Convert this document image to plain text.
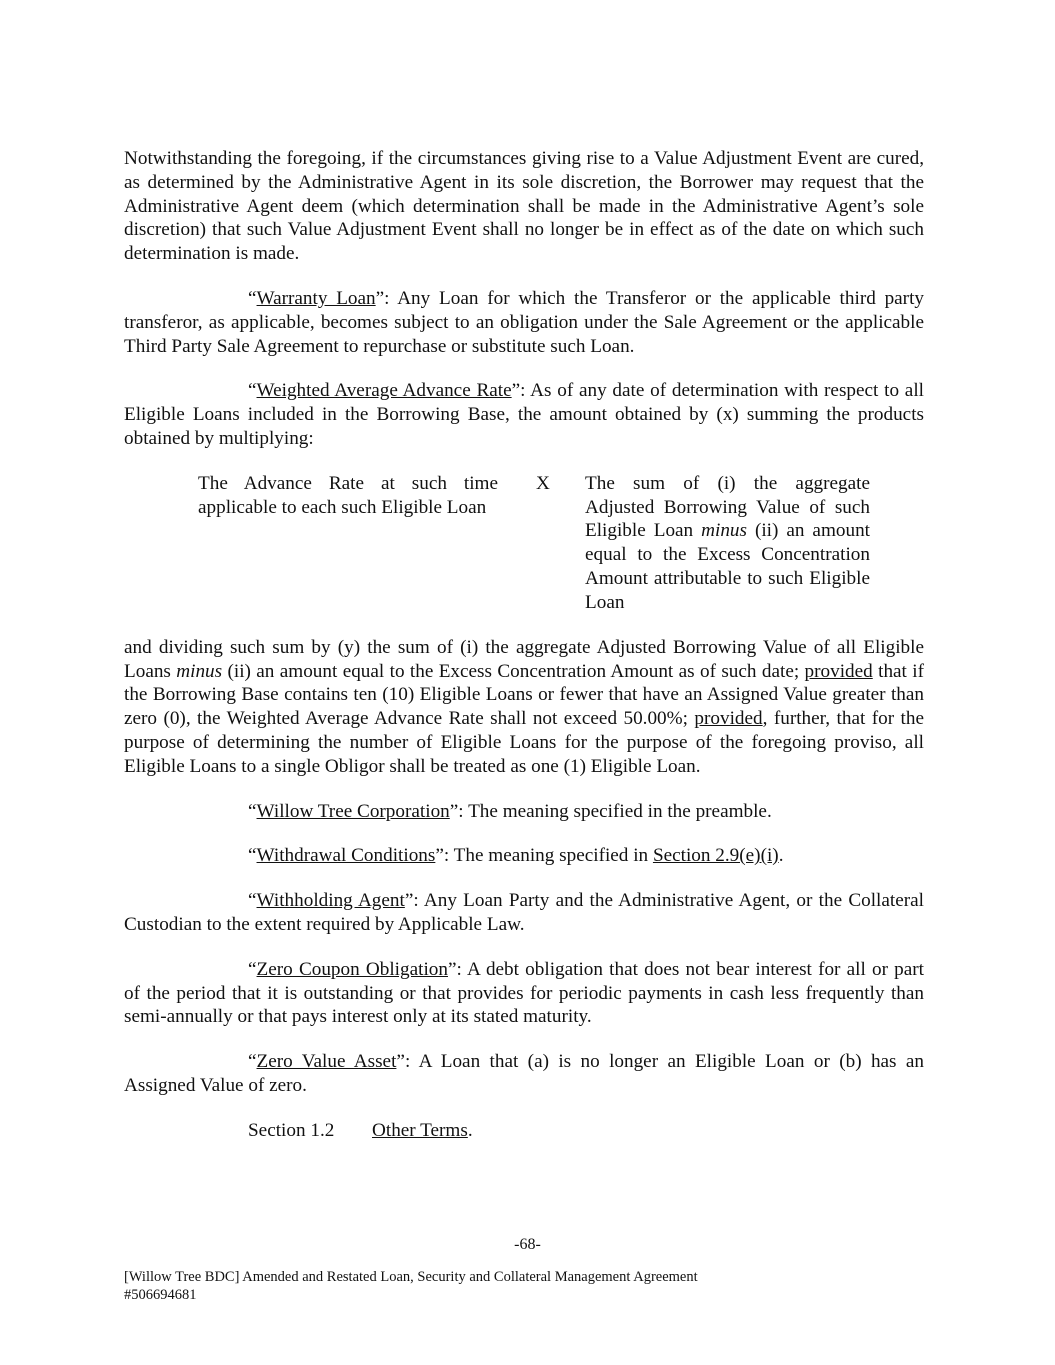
Notwithstanding the foregoing, if the circumstances giving rise to a Value Adjustment Event are cured, as determined by the Administrative Agent in its sole discretion, the Borrower may request that the Administrative Agent deem (which determination shall be made in the Administrative Agent’s sole discretion) that such Value Adjustment Event shall no longer be in effect as of the date on which such determination is made.

“Warranty Loan”: Any Loan for which the Transferor or the applicable third party transferor, as applicable, becomes subject to an obligation under the Sale Agreement or the applicable Third Party Sale Agreement to repurchase or substitute such Loan.

“Weighted Average Advance Rate”: As of any date of determination with respect to all Eligible Loans included in the Borrowing Base, the amount obtained by (x) summing the products obtained by multiplying:

The Advance Rate at such time applicable to each such Eligible Loan
X The sum of (i) the aggregate Adjusted Borrowing Value of such Eligible Loan minus (ii) an amount equal to the Excess Concentration Amount attributable to such Eligible Loan

and dividing such sum by (y) the sum of (i) the aggregate Adjusted Borrowing Value of all Eligible Loans minus (ii) an amount equal to the Excess Concentration Amount as of such date; provided that if the Borrowing Base contains ten (10) Eligible Loans or fewer that have an Assigned Value greater than zero (0), the Weighted Average Advance Rate shall not exceed 50.00%; provided, further, that for the purpose of determining the number of Eligible Loans for the purpose of the foregoing proviso, all Eligible Loans to a single Obligor shall be treated as one (1) Eligible Loan.

“Willow Tree Corporation”: The meaning specified in the preamble.

“Withdrawal Conditions”: The meaning specified in Section 2.9(e)(i).

“Withholding Agent”: Any Loan Party and the Administrative Agent, or the Collateral Custodian to the extent required by Applicable Law.

“Zero Coupon Obligation”: A debt obligation that does not bear interest for all or part of the period that it is outstanding or that provides for periodic payments in cash less frequently than semi-annually or that pays interest only at its stated maturity.

“Zero Value Asset”: A Loan that (a) is no longer an Eligible Loan or (b) has an Assigned Value of zero.

Section 1.2 Other Terms.

-68-
[Willow Tree BDC] Amended and Restated Loan, Security and Collateral Management Agreement
#506694681
